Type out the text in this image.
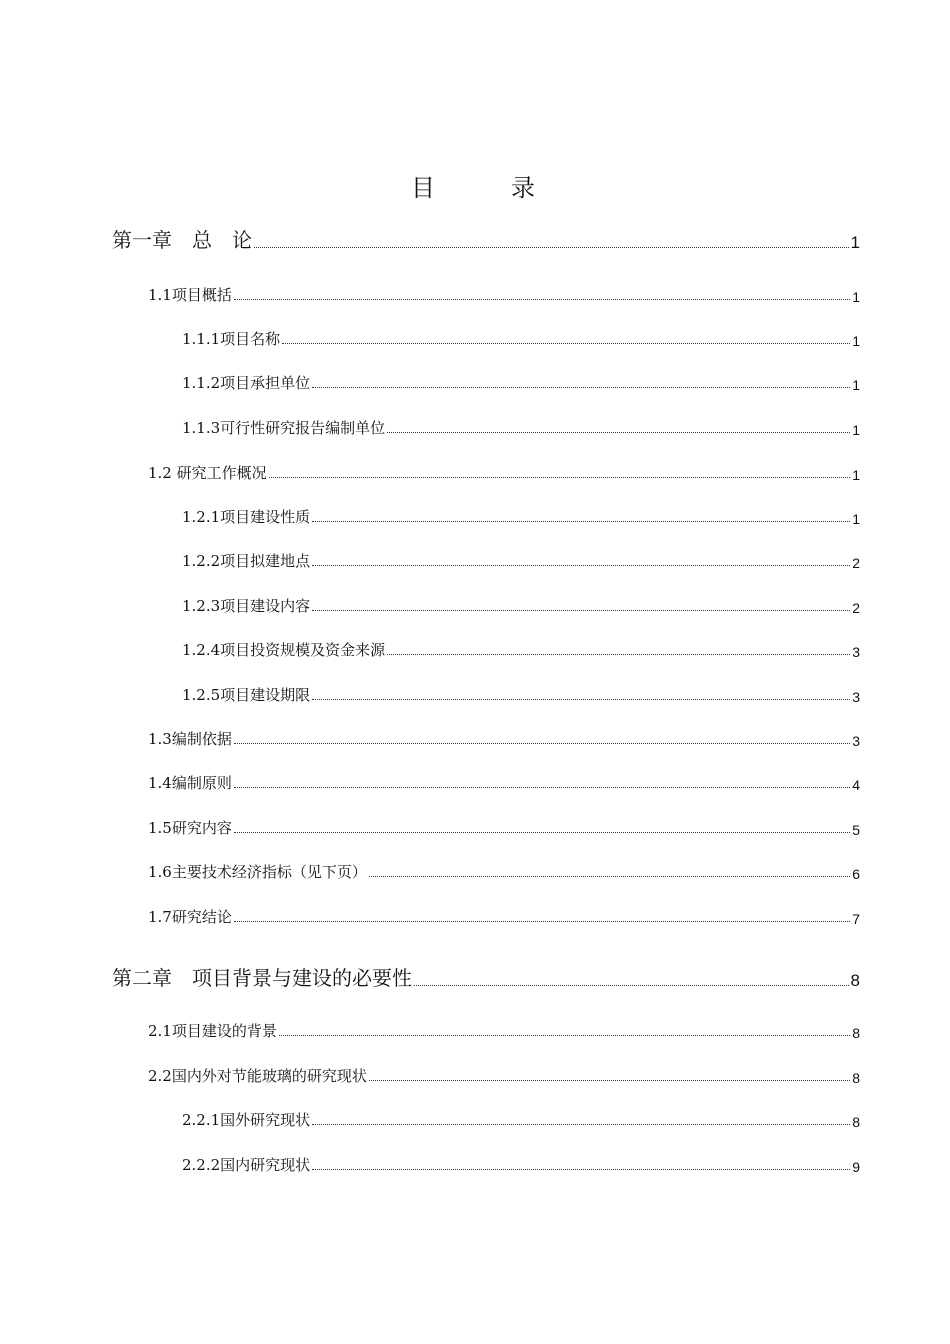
目　录
第一章　总　论	1
1.1项目概括	1
1.1.1项目名称	1
1.1.2项目承担单位	1
1.1.3可行性研究报告编制单位	1
1.2 研究工作概况	1
1.2.1项目建设性质	1
1.2.2项目拟建地点	2
1.2.3项目建设内容	2
1.2.4项目投资规模及资金来源	3
1.2.5项目建设期限	3
1.3编制依据	3
1.4编制原则	4
1.5研究内容	5
1.6主要技术经济指标（见下页）	6
1.7研究结论	7
第二章　项目背景与建设的必要性	8
2.1项目建设的背景	8
2.2国内外对节能玻璃的研究现状	8
2.2.1国外研究现状	8
2.2.2国内研究现状	9
